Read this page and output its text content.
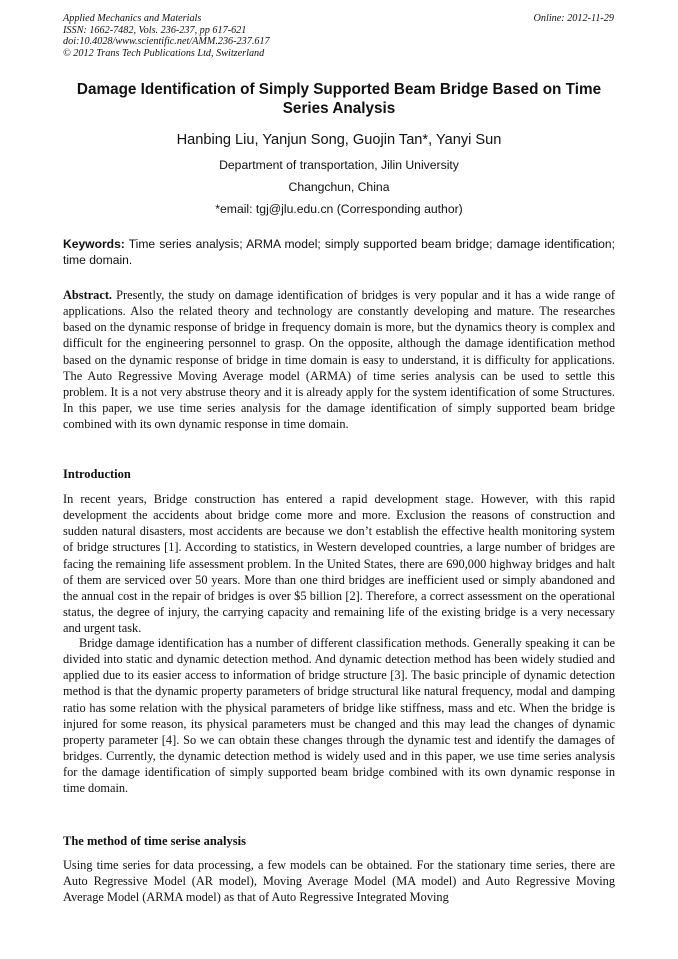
Applied Mechanics and Materials
ISSN: 1662-7482, Vols. 236-237, pp 617-621
doi:10.4028/www.scientific.net/AMM.236-237.617
© 2012 Trans Tech Publications Ltd, Switzerland
Online: 2012-11-29
Damage Identification of Simply Supported Beam Bridge Based on Time Series Analysis
Hanbing Liu, Yanjun Song, Guojin Tan*, Yanyi Sun
Department of transportation, Jilin University
Changchun, China
*email: tgj@jlu.edu.cn (Corresponding author)
Keywords: Time series analysis; ARMA model; simply supported beam bridge; damage identification; time domain.

Abstract. Presently, the study on damage identification of bridges is very popular and it has a wide range of applications. Also the related theory and technology are constantly developing and mature. The researches based on the dynamic response of bridge in frequency domain is more, but the dynamics theory is complex and difficult for the engineering personnel to grasp. On the opposite, although the damage identification method based on the dynamic response of bridge in time domain is easy to understand, it is difficulty for applications. The Auto Regressive Moving Average model (ARMA) of time series analysis can be used to settle this problem. It is a not very abstruse theory and it is already apply for the system identification of some Structures. In this paper, we use time series analysis for the damage identification of simply supported beam bridge combined with its own dynamic response in time domain.

Introduction

In recent years, Bridge construction has entered a rapid development stage. However, with this rapid development the accidents about bridge come more and more. Exclusion the reasons of construction and sudden natural disasters, most accidents are because we don’t establish the effective health monitoring system of bridge structures [1]. According to statistics, in Western developed countries, a large number of bridges are facing the remaining life assessment problem. In the United States, there are 690,000 highway bridges and halt of them are serviced over 50 years. More than one third bridges are inefficient used or simply abandoned and the annual cost in the repair of bridges is over $5 billion [2]. Therefore, a correct assessment on the operational status, the degree of injury, the carrying capacity and remaining life of the existing bridge is a very necessary and urgent task.

Bridge damage identification has a number of different classification methods. Generally speaking it can be divided into static and dynamic detection method. And dynamic detection method has been widely studied and applied due to its easier access to information of bridge structure [3]. The basic principle of dynamic detection method is that the dynamic property parameters of bridge structural like natural frequency, modal and damping ratio has some relation with the physical parameters of bridge like stiffness, mass and etc. When the bridge is injured for some reason, its physical parameters must be changed and this may lead the changes of dynamic property parameter [4]. So we can obtain these changes through the dynamic test and identify the damages of bridges. Currently, the dynamic detection method is widely used and in this paper, we use time series analysis for the damage identification of simply supported beam bridge combined with its own dynamic response in time domain.

The method of time serise analysis

Using time series for data processing, a few models can be obtained. For the stationary time series, there are Auto Regressive Model (AR model), Moving Average Model (MA model) and Auto Regressive Moving Average Model (ARMA model) as that of Auto Regressive Integrated Moving
